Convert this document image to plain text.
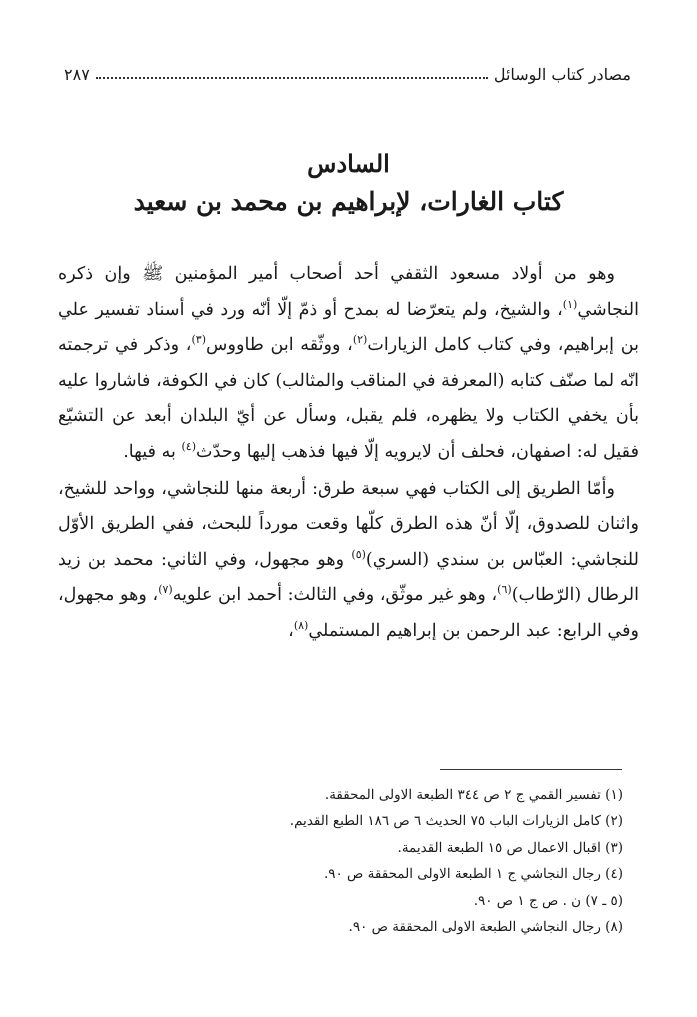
٢٨٧	مصادر كتاب الوسائل
السادس
كتاب الغارات، لإبراهيم بن محمد بن سعيد

وهو من أولاد مسعود الثقفي أحد أصحاب أمير المؤمنين ﷺ وإن ذكره النجاشي$^{(١)}$، والشيخ، ولم يتعرّضا له بمدح أو ذمّ إلّا أنّه ورد في أسناد تفسير علي بن إبراهيم، وفي كتاب كامل الزيارات$^{(٢)}$، ووثّقه ابن طاووس$^{(٣)}$، وذكر في ترجمته انّه لما صنّف كتابه (المعرفة في المناقب والمثالب) كان في الكوفة، فاشاروا عليه بأن يخفي الكتاب ولا يظهره، فلم يقبل، وسأل عن أيّ البلدان أبعد عن التشيّع فقيل له: اصفهان، فحلف أن لايرويه إلّا فيها فذهب إليها وحدّث$^{(٤)}$ به فيها.

وأمّا الطريق إلى الكتاب فهي سبعة طرق: أربعة منها للنجاشي، وواحد للشيخ، واثنان للصدوق، إلّا أنّ هذه الطرق كلّها وقعت مورداً للبحث، ففي الطريق الأوّل للنجاشي: العبّاس بن سندي (السري)$^{(٥)}$ وهو مجهول، وفي الثاني: محمد بن زيد الرطال (الرّطاب)$^{(٦)}$، وهو غير موثّق، وفي الثالث: أحمد ابن علويه$^{(٧)}$، وهو مجهول، وفي الرابع: عبد الرحمن بن إبراهيم المستملي$^{(٨)}$،

(١) تفسير القمي ج ٢ ص ٣٤٤ الطبعة الاولى المحققة.
(٢) كامل الزيارات الباب ٧٥ الحديث ٦ ص ١٨٦ الطبع القديم.
(٣) اقبال الاعمال ص ١٥ الطبعة القديمة.
(٤) رجال النجاشي ج ١ الطبعة الاولى المحققة ص ٩٠.
(٥ ـ ٧) ن . ص ج ١ ص ٩٠.
(٨) رجال النجاشي الطبعة الاولى المحققة ص ٩٠.
